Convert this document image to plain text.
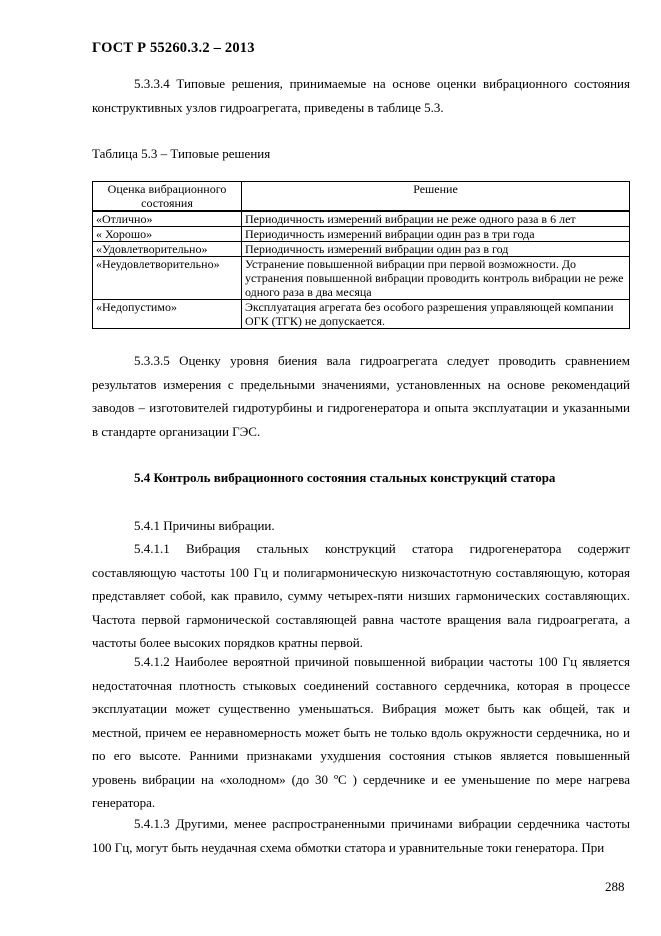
ГОСТ Р 55260.3.2 – 2013
5.3.3.4 Типовые решения, принимаемые на основе оценки вибрационного состояния конструктивных узлов гидроагрегата, приведены в таблице 5.3.
Таблица 5.3 – Типовые решения
Оценка вибрационного состояния	Решение
«Отлично»	Периодичность измерений вибрации не реже одного раза в 6 лет
« Хорошо»	Периодичность измерений вибрации один раз в три года
«Удовлетворительно»	Периодичность измерений вибрации один раз в год
«Неудовлетворительно»	Устранение повышенной вибрации при первой возможности. До устранения повышенной вибрации проводить контроль вибрации не реже одного раза в два месяца
«Недопустимо»	Эксплуатация агрегата без особого разрешения управляющей компании ОГК (ТГК) не допускается.
5.3.3.5 Оценку уровня биения вала гидроагрегата следует проводить сравнением результатов измерения с предельными значениями, установленных на основе рекомендаций заводов – изготовителей гидротурбины и гидрогенератора и опыта эксплуатации и указанными в стандарте организации ГЭС.
5.4 Контроль вибрационного состояния стальных конструкций статора
5.4.1 Причины вибрации.
5.4.1.1 Вибрация стальных конструкций статора гидрогенератора содержит составляющую частоты 100 Гц и полигармоническую низкочастотную составляющую, которая представляет собой, как правило, сумму четырех-пяти низших гармонических составляющих. Частота первой гармонической составляющей равна частоте вращения вала гидроагрегата, а частоты более высоких порядков кратны первой.
5.4.1.2 Наиболее вероятной причиной повышенной вибрации частоты 100 Гц является недостаточная плотность стыковых соединений составного сердечника, которая в процессе эксплуатации может существенно уменьшаться. Вибрация может быть как общей, так и местной, причем ее неравномерность может быть не только вдоль окружности сердечника, но и по его высоте. Ранними признаками ухудшения состояния стыков является повышенный уровень вибрации на «холодном» (до 30 ºС ) сердечнике и ее уменьшение по мере нагрева генератора.
5.4.1.3 Другими, менее распространенными причинами вибрации сердечника частоты 100 Гц, могут быть неудачная схема обмотки статора и уравнительные токи генератора. При
288
